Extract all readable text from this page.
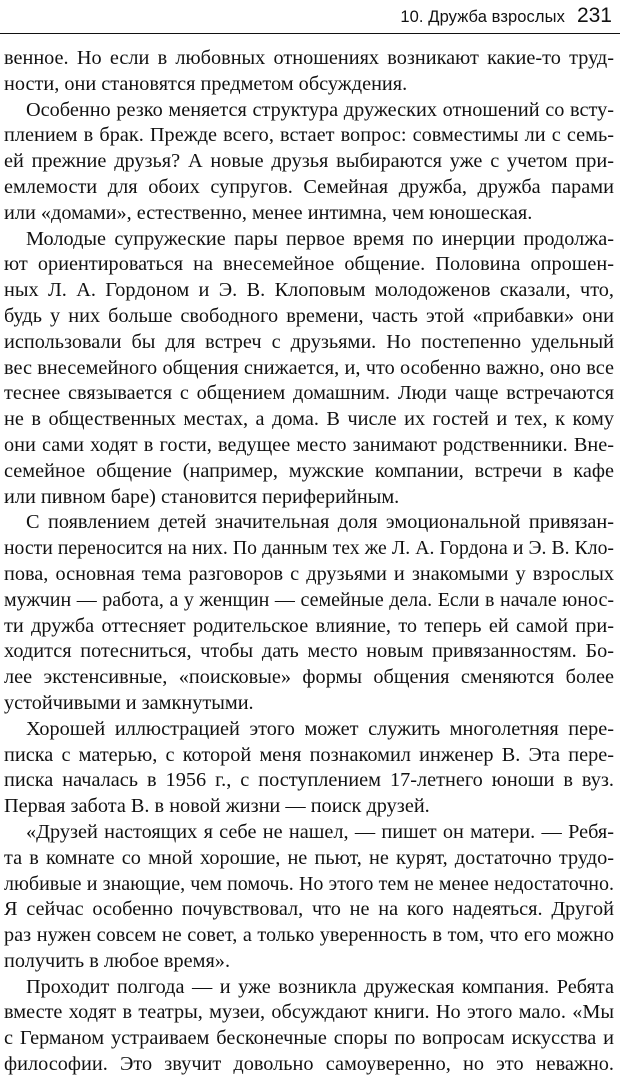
10. Дружба взрослых 231
венное. Но если в любовных отношениях возникают какие-то труд-
ности, они становятся предметом обсуждения.
Особенно резко меняется структура дружеских отношений со всту-
плением в брак. Прежде всего, встает вопрос: совместимы ли с семь-
ей прежние друзья? А новые друзья выбираются уже с учетом при-
емлемости для обоих супругов. Семейная дружба, дружба парами
или «домами», естественно, менее интимна, чем юношеская.
Молодые супружеские пары первое время по инерции продолжа-
ют ориентироваться на внесемейное общение. Половина опрошен-
ных Л. А. Гордоном и Э. В. Клоповым молодоженов сказали, что,
будь у них больше свободного времени, часть этой «прибавки» они
использовали бы для встреч с друзьями. Но постепенно удельный
вес внесемейного общения снижается, и, что особенно важно, оно все
теснее связывается с общением домашним. Люди чаще встречаются
не в общественных местах, а дома. В числе их гостей и тех, к кому
они сами ходят в гости, ведущее место занимают родственники. Вне-
семейное общение (например, мужские компании, встречи в кафе
или пивном баре) становится периферийным.
С появлением детей значительная доля эмоциональной привязан-
ности переносится на них. По данным тех же Л. А. Гордона и Э. В. Кло-
пова, основная тема разговоров с друзьями и знакомыми у взрослых
мужчин — работа, а у женщин — семейные дела. Если в начале юнос-
ти дружба оттесняет родительское влияние, то теперь ей самой при-
ходится потесниться, чтобы дать место новым привязанностям. Бо-
лее экстенсивные, «поисковые» формы общения сменяются более
устойчивыми и замкнутыми.
Хорошей иллюстрацией этого может служить многолетняя пере-
писка с матерью, с которой меня познакомил инженер В. Эта пере-
писка началась в 1956 г., с поступлением 17-летнего юноши в вуз.
Первая забота В. в новой жизни — поиск друзей.
«Друзей настоящих я себе не нашел, — пишет он матери. — Ребя-
та в комнате со мной хорошие, не пьют, не курят, достаточно трудо-
любивые и знающие, чем помочь. Но этого тем не менее недостаточно.
Я сейчас особенно почувствовал, что не на кого надеяться. Другой
раз нужен совсем не совет, а только уверенность в том, что его можно
получить в любое время».
Проходит полгода — и уже возникла дружеская компания. Ребята
вместе ходят в театры, музеи, обсуждают книги. Но этого мало. «Мы
с Германом устраиваем бесконечные споры по вопросам искусства и
философии. Это звучит довольно самоуверенно, но это неважно.
